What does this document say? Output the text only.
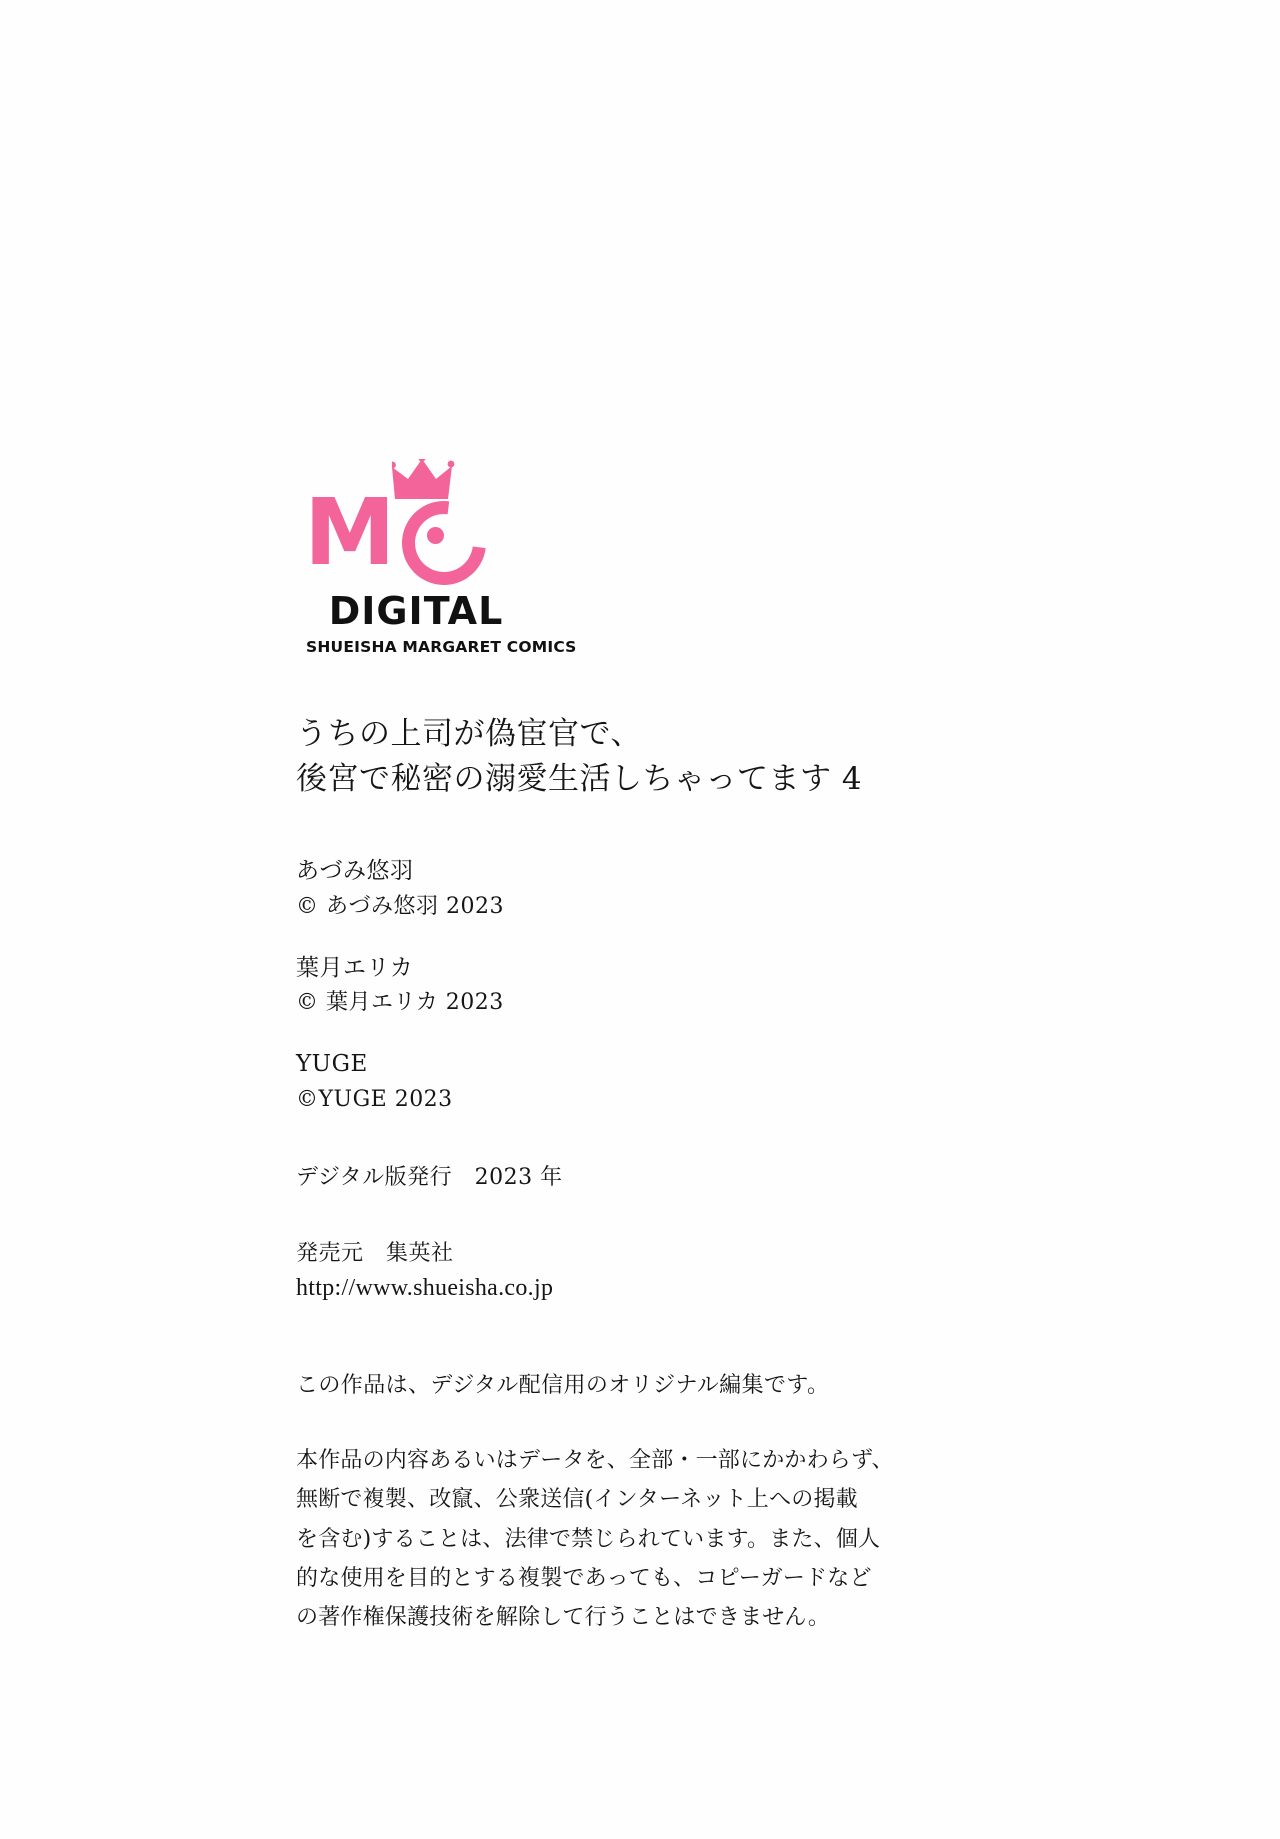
M
DIGITAL
SHUEISHA MARGARET COMICS
うちの上司が偽宦官で、
後宮で秘密の溺愛生活しちゃってます 4
あづみ悠羽
© あづみ悠羽 2023
葉月エリカ
© 葉月エリカ 2023
YUGE
©YUGE 2023
デジタル版発行　2023 年
発売元　集英社
http://www.shueisha.co.jp
この作品は、デジタル配信用のオリジナル編集です。
本作品の内容あるいはデータを、全部・一部にかかわらず、
無断で複製、改竄、公衆送信(インターネット上への掲載
を含む)することは、法律で禁じられています。また、個人
的な使用を目的とする複製であっても、コピーガードなど
の著作権保護技術を解除して行うことはできません。
